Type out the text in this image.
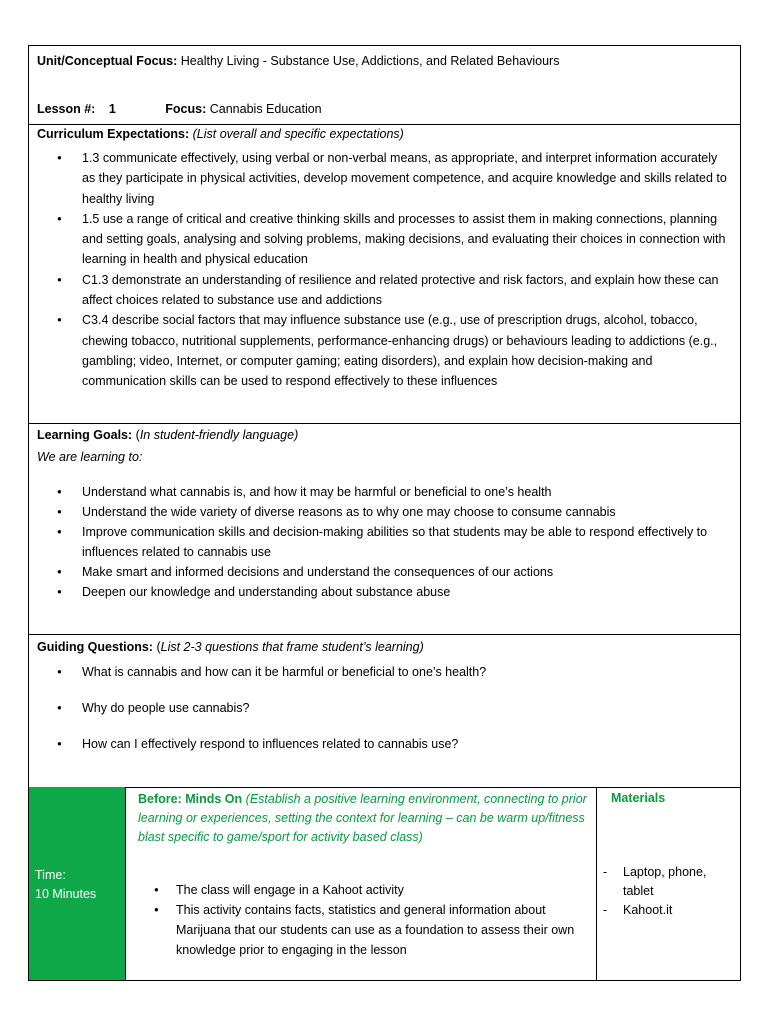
Unit/Conceptual Focus: Healthy Living - Substance Use, Addictions, and Related Behaviours
Lesson #: 1	Focus: Cannabis Education
Curriculum Expectations: (List overall and specific expectations)
● 1.3 communicate effectively, using verbal or non-verbal means, as appropriate, and interpret information accurately as they participate in physical activities, develop movement competence, and acquire knowledge and skills related to healthy living
● 1.5 use a range of critical and creative thinking skills and processes to assist them in making connections, planning and setting goals, analysing and solving problems, making decisions, and evaluating their choices in connection with learning in health and physical education
● C1.3 demonstrate an understanding of resilience and related protective and risk factors, and explain how these can affect choices related to substance use and addictions
● C3.4 describe social factors that may influence substance use (e.g., use of prescription drugs, alcohol, tobacco, chewing tobacco, nutritional supplements, performance-enhancing drugs) or behaviours leading to addictions (e.g., gambling; video, Internet, or computer gaming; eating disorders), and explain how decision-making and communication skills can be used to respond effectively to these influences
Learning Goals: (In student-friendly language)
We are learning to:
● Understand what cannabis is, and how it may be harmful or beneficial to one’s health
● Understand the wide variety of diverse reasons as to why one may choose to consume cannabis
● Improve communication skills and decision-making abilities so that students may be able to respond effectively to influences related to cannabis use
● Make smart and informed decisions and understand the consequences of our actions
● Deepen our knowledge and understanding about substance abuse
Guiding Questions: (List 2-3 questions that frame student’s learning)
● What is cannabis and how can it be harmful or beneficial to one’s health?
● Why do people use cannabis?
● How can I effectively respond to influences related to cannabis use?
Time:
10 Minutes
Before: Minds On (Establish a positive learning environment, connecting to prior learning or experiences, setting the context for learning – can be warm up/fitness blast specific to game/sport for activity based class)
● The class will engage in a Kahoot activity
● This activity contains facts, statistics and general information about Marijuana that our students can use as a foundation to assess their own knowledge prior to engaging in the lesson
Materials
- Laptop, phone, tablet
- Kahoot.it
